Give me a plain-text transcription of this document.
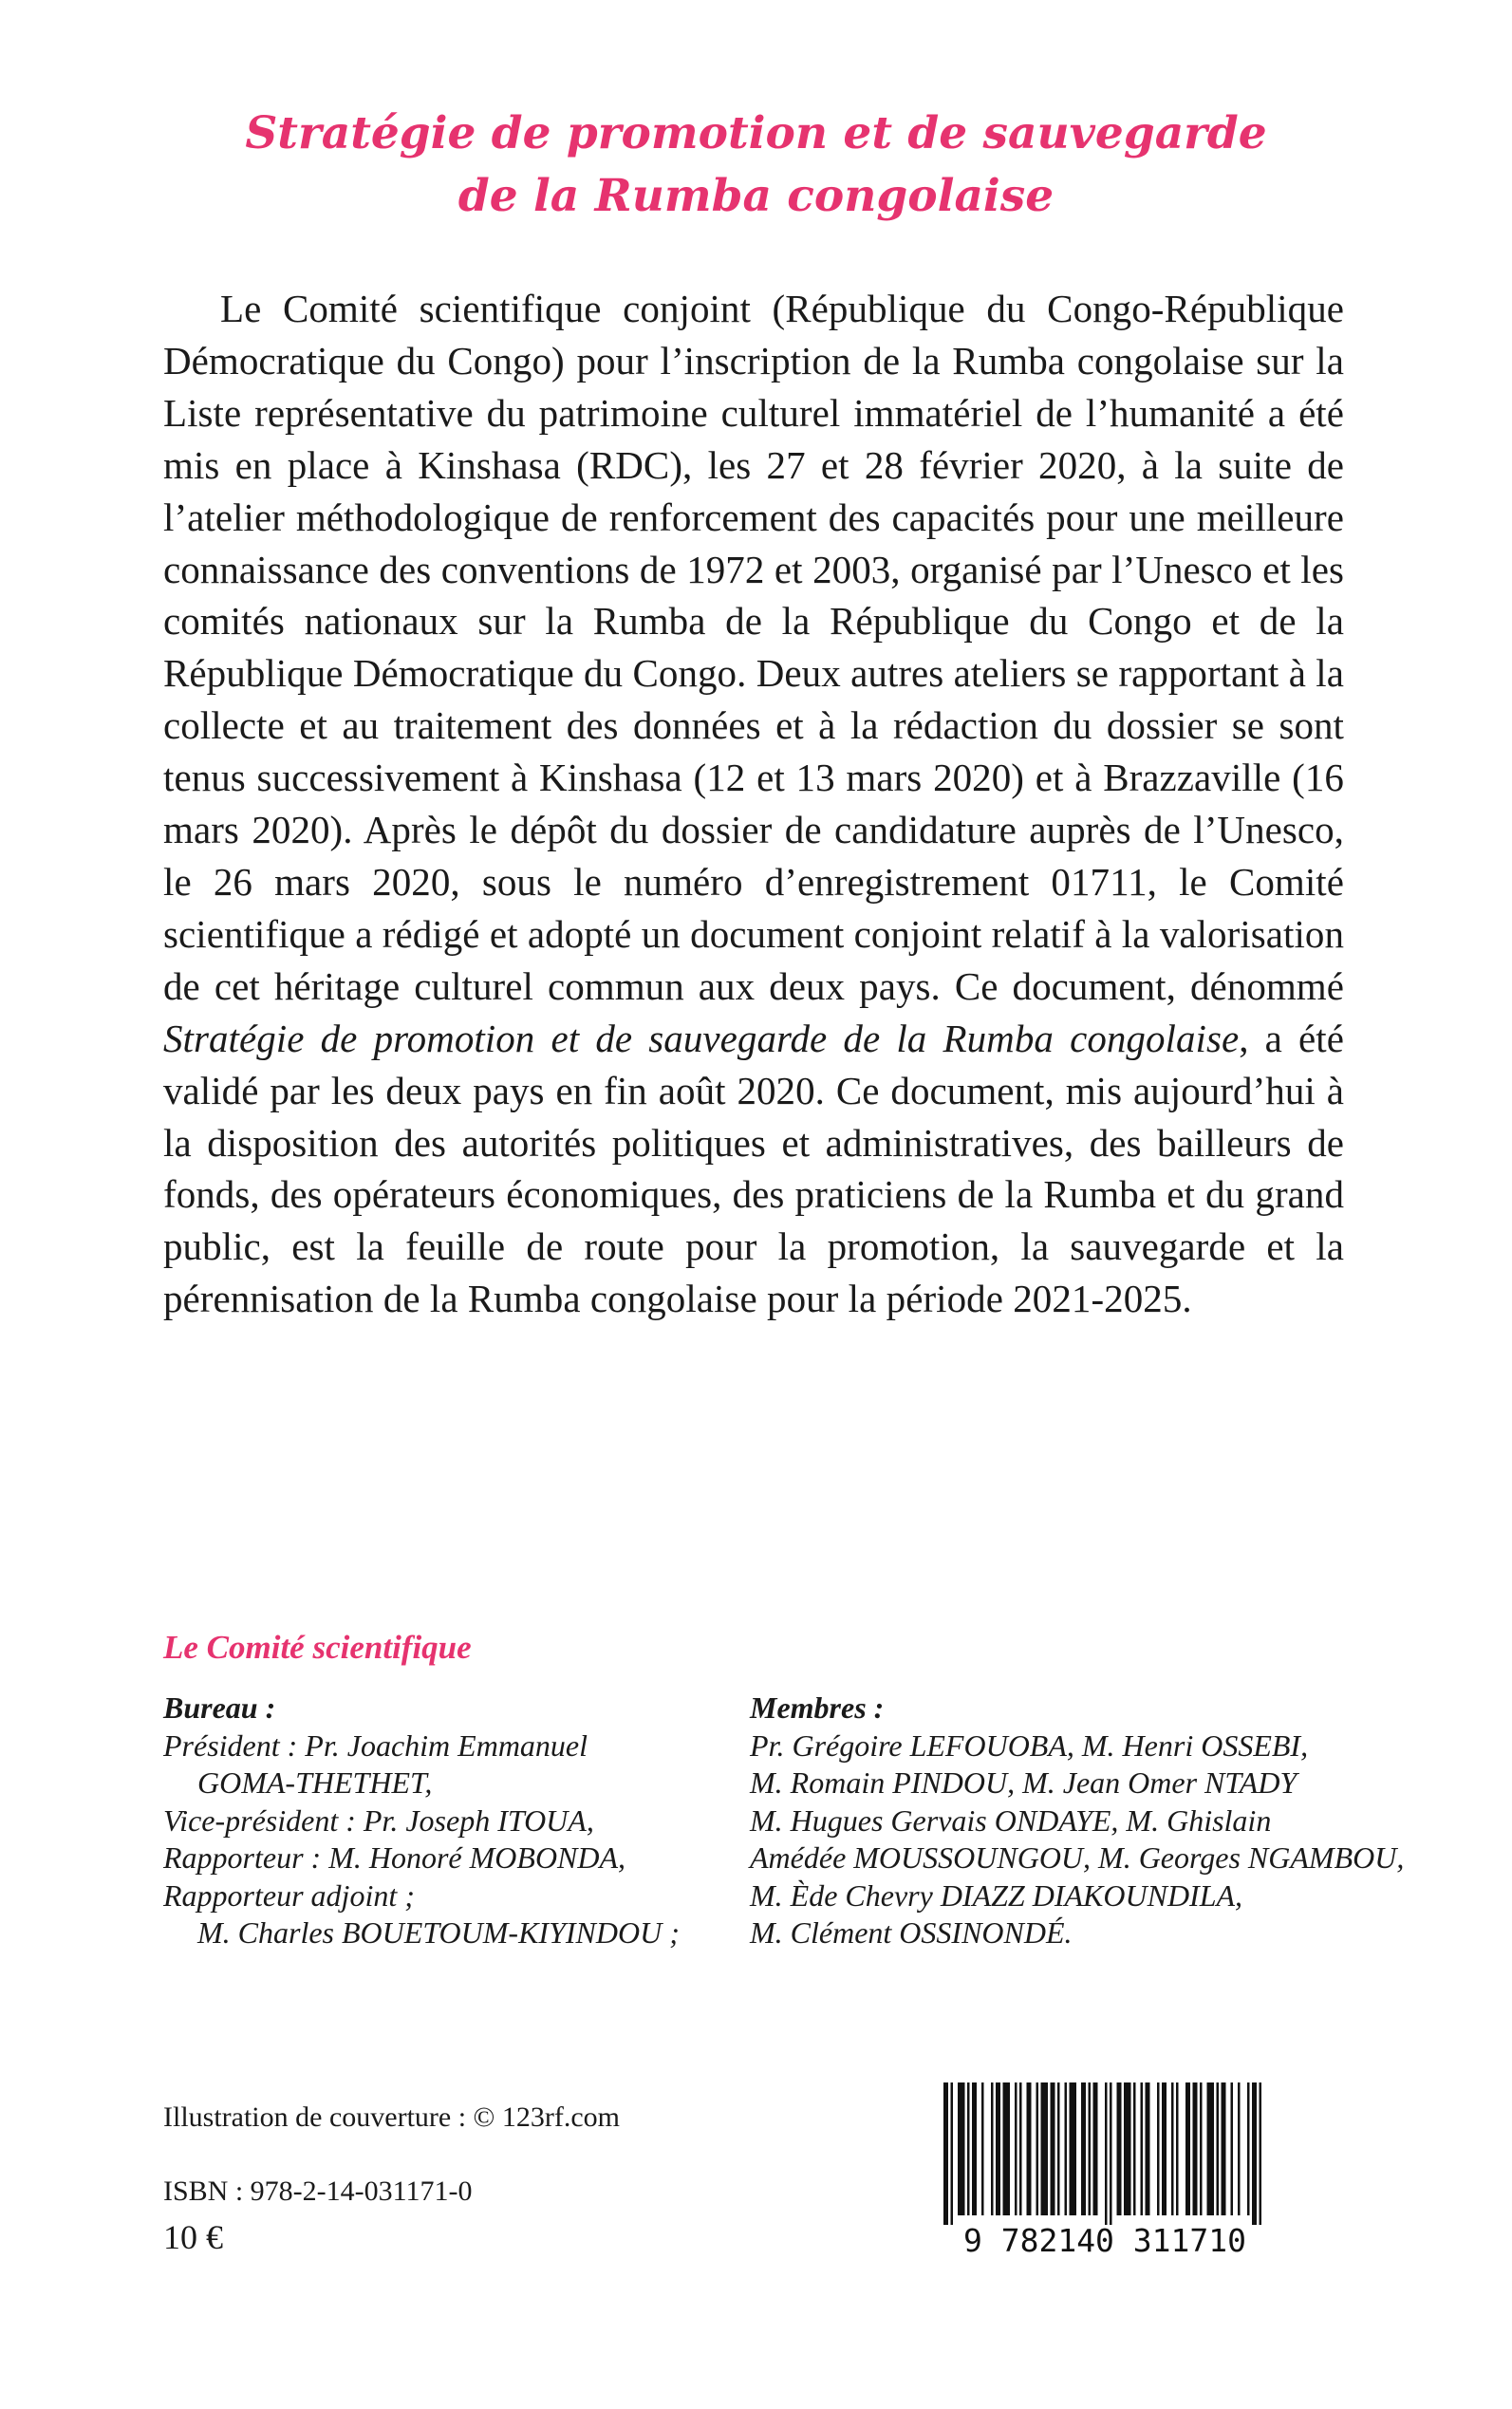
Stratégie de promotion et de sauvegarde
de la Rumba congolaise

Le Comité scientifique conjoint (République du Congo-République Démocratique du Congo) pour l’inscription de la Rumba congolaise sur la Liste représentative du patrimoine culturel immatériel de l’humanité a été mis en place à Kinshasa (RDC), les 27 et 28 février 2020, à la suite de l’atelier méthodologique de renforcement des capacités pour une meilleure connaissance des conventions de 1972 et 2003, organisé par l’Unesco et les comités nationaux sur la Rumba de la République du Congo et de la République Démocratique du Congo. Deux autres ateliers se rapportant à la collecte et au traitement des données et à la rédaction du dossier se sont tenus successivement à Kinshasa (12 et 13 mars 2020) et à Brazzaville (16 mars 2020). Après le dépôt du dossier de candidature auprès de l’Unesco, le 26 mars 2020, sous le numéro d’enregistrement 01711, le Comité scientifique a rédigé et adopté un document conjoint relatif à la valorisation de cet héritage culturel commun aux deux pays. Ce document, dénommé Stratégie de promotion et de sauvegarde de la Rumba congolaise, a été validé par les deux pays en fin août 2020. Ce document, mis aujourd’hui à la disposition des autorités politiques et administratives, des bailleurs de fonds, des opérateurs économiques, des praticiens de la Rumba et du grand public, est la feuille de route pour la promotion, la sauvegarde et la pérennisation de la Rumba congolaise pour la période 2021-2025.

Le Comité scientifique
Bureau :
Président : Pr. Joachim Emmanuel
GOMA-THETHET,
Vice-président : Pr. Joseph ITOUA,
Rapporteur : M. Honoré MOBONDA,
Rapporteur adjoint ;
M. Charles BOUETOUM-KIYINDOU ;
Membres :
Pr. Grégoire LEFOUOBA, M. Henri OSSEBI,
M. Romain PINDOU, M. Jean Omer NTADY
M. Hugues Gervais ONDAYE, M. Ghislain
Amédée MOUSSOUNGOU, M. Georges NGAMBOU,
M. Ède Chevry DIAZZ DIAKOUNDILA,
M. Clément OSSINONDÉ.
Illustration de couverture : © 123rf.com
ISBN : 978-2-14-031171-0
10 €	9 782140 311710
